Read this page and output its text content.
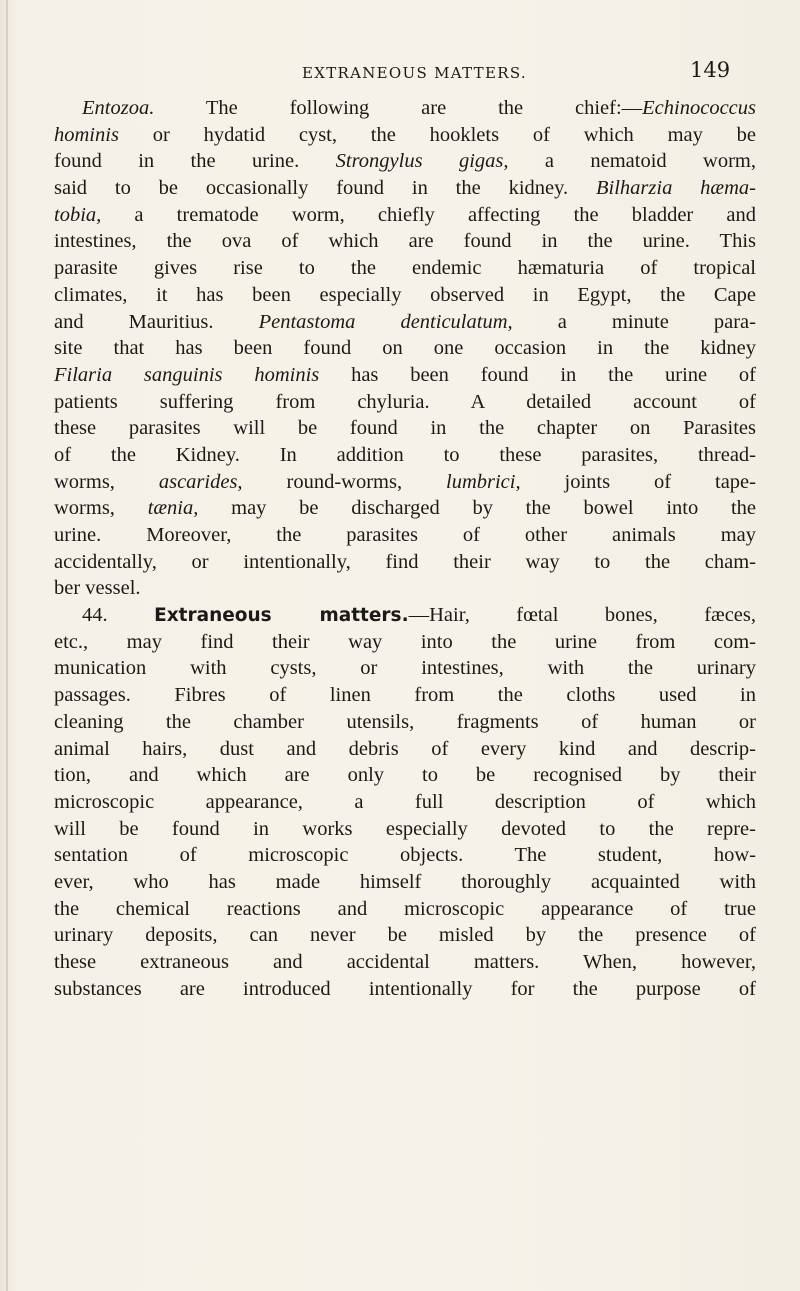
EXTRANEOUS MATTERS.	149
Entozoa. The following are the chief:—Echinococcus
hominis or hydatid cyst, the hooklets of which may be
found in the urine. Strongylus gigas, a nematoid worm,
said to be occasionally found in the kidney. Bilharzia hæma-
tobia, a trematode worm, chiefly affecting the bladder and
intestines, the ova of which are found in the urine. This
parasite gives rise to the endemic hæmaturia of tropical
climates, it has been especially observed in Egypt, the Cape
and Mauritius. Pentastoma denticulatum, a minute para-
site that has been found on one occasion in the kidney
Filaria sanguinis hominis has been found in the urine of
patients suffering from chyluria. A detailed account of
these parasites will be found in the chapter on Parasites
of the Kidney. In addition to these parasites, thread-
worms, ascarides, round-worms, lumbrici, joints of tape-
worms, tænia, may be discharged by the bowel into the
urine. Moreover, the parasites of other animals may
accidentally, or intentionally, find their way to the cham-
ber vessel.
44. Extraneous matters.—Hair, fœtal bones, fæces,
etc., may find their way into the urine from com-
munication with cysts, or intestines, with the urinary
passages. Fibres of linen from the cloths used in
cleaning the chamber utensils, fragments of human or
animal hairs, dust and debris of every kind and descrip-
tion, and which are only to be recognised by their
microscopic appearance, a full description of which
will be found in works especially devoted to the repre-
sentation of microscopic objects. The student, how-
ever, who has made himself thoroughly acquainted with
the chemical reactions and microscopic appearance of true
urinary deposits, can never be misled by the presence of
these extraneous and accidental matters. When, however,
substances are introduced intentionally for the purpose of
